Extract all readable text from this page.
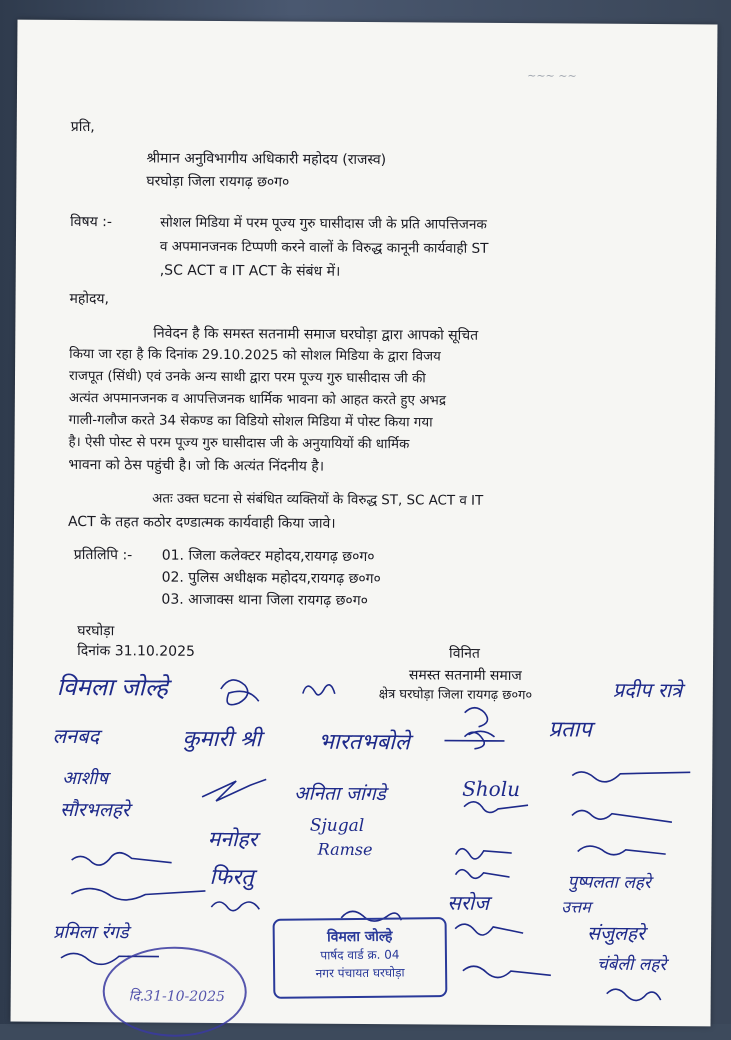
~~~ ~~
प्रति,
श्रीमान अनुविभागीय अधिकारी महोदय (राजस्व)
घरघोड़ा जिला रायगढ़ छ०ग०
विषय :-	सोशल मिडिया में परम पूज्य गुरु घासीदास जी के प्रति आपत्तिजनक
व अपमानजनक टिप्पणी करने वालों के विरुद्ध कानूनी कार्यवाही ST
,SC ACT व IT ACT के संबंध में।
महोदय,
निवेदन है कि समस्त सतनामी समाज घरघोड़ा द्वारा आपको सूचित
किया जा रहा है कि दिनांक 29.10.2025 को सोशल मिडिया के द्वारा विजय
राजपूत (सिंधी) एवं उनके अन्य साथी द्वारा परम पूज्य गुरु घासीदास जी की
अत्यंत अपमानजनक व आपत्तिजनक धार्मिक भावना को आहत करते हुए अभद्र
गाली-गलौज करते 34 सेकण्ड का विडियो सोशल मिडिया में पोस्ट किया गया
है। ऐसी पोस्ट से परम पूज्य गुरु घासीदास जी के अनुयायियों की धार्मिक
भावना को ठेस पहुंची है। जो कि अत्यंत निंदनीय है।
अतः उक्त घटना से संबंधित व्यक्तियों के विरुद्ध ST, SC ACT व IT
ACT के तहत कठोर दण्डात्मक कार्यवाही किया जावे।
प्रतिलिपि :- 01. जिला कलेक्टर महोदय,रायगढ़ छ०ग०
02. पुलिस अधीक्षक महोदय,रायगढ़ छ०ग०
03. आजाक्स थाना जिला रायगढ़ छ०ग०
घरघोड़ा
दिनांक 31.10.2025	विनित
समस्त सतनामी समाज
क्षेत्र घरघोड़ा जिला रायगढ़ छ०ग०
विमला जोल्हे	प्रदीप रात्रे
लनबद	कुमारी श्री	भारतभबोले	प्रताप
आशीष
अनिता जांगडे
सौरभलहरे
Sholu
मनोहर
Sjugal
Ramse
फिरतु
सरोज
पुष्पलता लहरे
उत्तम
संजुलहरे
प्रमिला रंगडे
चंबेली लहरे
विमला जोल्हे
पार्षद वार्ड क्र. 04
नगर पंचायत घरघोड़ा
दि.31-10-2025
